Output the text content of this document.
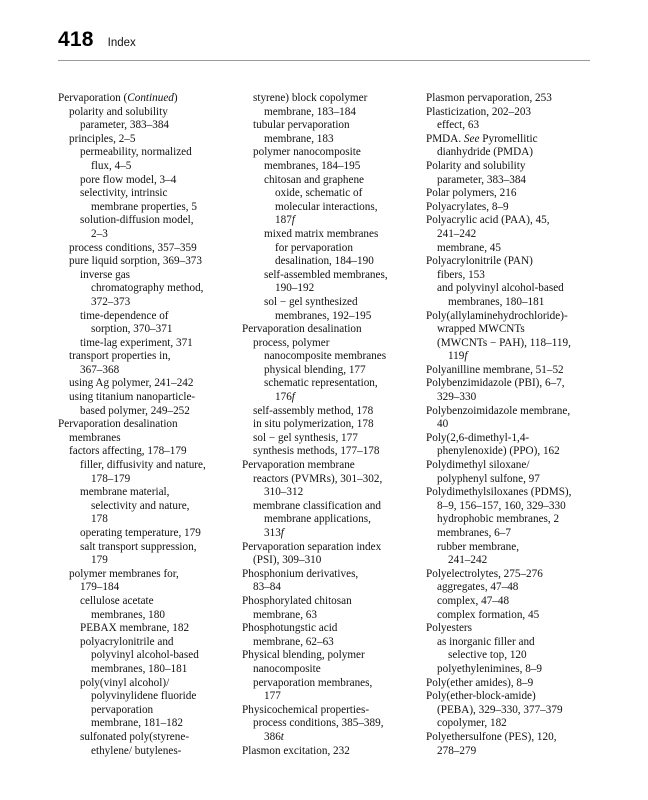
418 Index
Pervaporation (Continued)
polarity and solubility
parameter, 383–384
principles, 2–5
permeability, normalized
flux, 4–5
pore flow model, 3–4
selectivity, intrinsic
membrane properties, 5
solution-diffusion model,
2–3
process conditions, 357–359
pure liquid sorption, 369–373
inverse gas
chromatography method,
372–373
time-dependence of
sorption, 370–371
time-lag experiment, 371
transport properties in,
367–368
using Ag polymer, 241–242
using titanium nanoparticle-
based polymer, 249–252
Pervaporation desalination
membranes
factors affecting, 178–179
filler, diffusivity and nature,
178–179
membrane material,
selectivity and nature,
178
operating temperature, 179
salt transport suppression,
179
polymer membranes for,
179–184
cellulose acetate
membranes, 180
PEBAX membrane, 182
polyacrylonitrile and
polyvinyl alcohol-based
membranes, 180–181
poly(vinyl alcohol)/
polyvinylidene fluoride
pervaporation
membrane, 181–182
sulfonated poly(styrene-
ethylene/ butylenes-
styrene) block copolymer
membrane, 183–184
tubular pervaporation
membrane, 183
polymer nanocomposite
membranes, 184–195
chitosan and graphene
oxide, schematic of
molecular interactions,
187f
mixed matrix membranes
for pervaporation
desalination, 184–190
self-assembled membranes,
190–192
sol − gel synthesized
membranes, 192–195
Pervaporation desalination
process, polymer
nanocomposite membranes
physical blending, 177
schematic representation,
176f
self-assembly method, 178
in situ polymerization, 178
sol − gel synthesis, 177
synthesis methods, 177–178
Pervaporation membrane
reactors (PVMRs), 301–302,
310–312
membrane classification and
membrane applications,
313f
Pervaporation separation index
(PSI), 309–310
Phosphonium derivatives,
83–84
Phosphorylated chitosan
membrane, 63
Phosphotungstic acid
membrane, 62–63
Physical blending, polymer
nanocomposite
pervaporation membranes,
177
Physicochemical properties-
process conditions, 385–389,
386t
Plasmon excitation, 232
Plasmon pervaporation, 253
Plasticization, 202–203
effect, 63
PMDA. See Pyromellitic
dianhydride (PMDA)
Polarity and solubility
parameter, 383–384
Polar polymers, 216
Polyacrylates, 8–9
Polyacrylic acid (PAA), 45,
241–242
membrane, 45
Polyacrylonitrile (PAN)
fibers, 153
and polyvinyl alcohol-based
membranes, 180–181
Poly(allylaminehydrochloride)-
wrapped MWCNTs
(MWCNTs − PAH), 118–119,
119f
Polyanilline membrane, 51–52
Polybenzimidazole (PBI), 6–7,
329–330
Polybenzoimidazole membrane,
40
Poly(2,6-dimethyl-1,4-
phenylenoxide) (PPO), 162
Polydimethyl siloxane/
polyphenyl sulfone, 97
Polydimethylsiloxanes (PDMS),
8–9, 156–157, 160, 329–330
hydrophobic membranes, 2
membranes, 6–7
rubber membrane,
241–242
Polyelectrolytes, 275–276
aggregates, 47–48
complex, 47–48
complex formation, 45
Polyesters
as inorganic filler and
selective top, 120
polyethylenimines, 8–9
Poly(ether amides), 8–9
Poly(ether-block-amide)
(PEBA), 329–330, 377–379
copolymer, 182
Polyethersulfone (PES), 120,
278–279
